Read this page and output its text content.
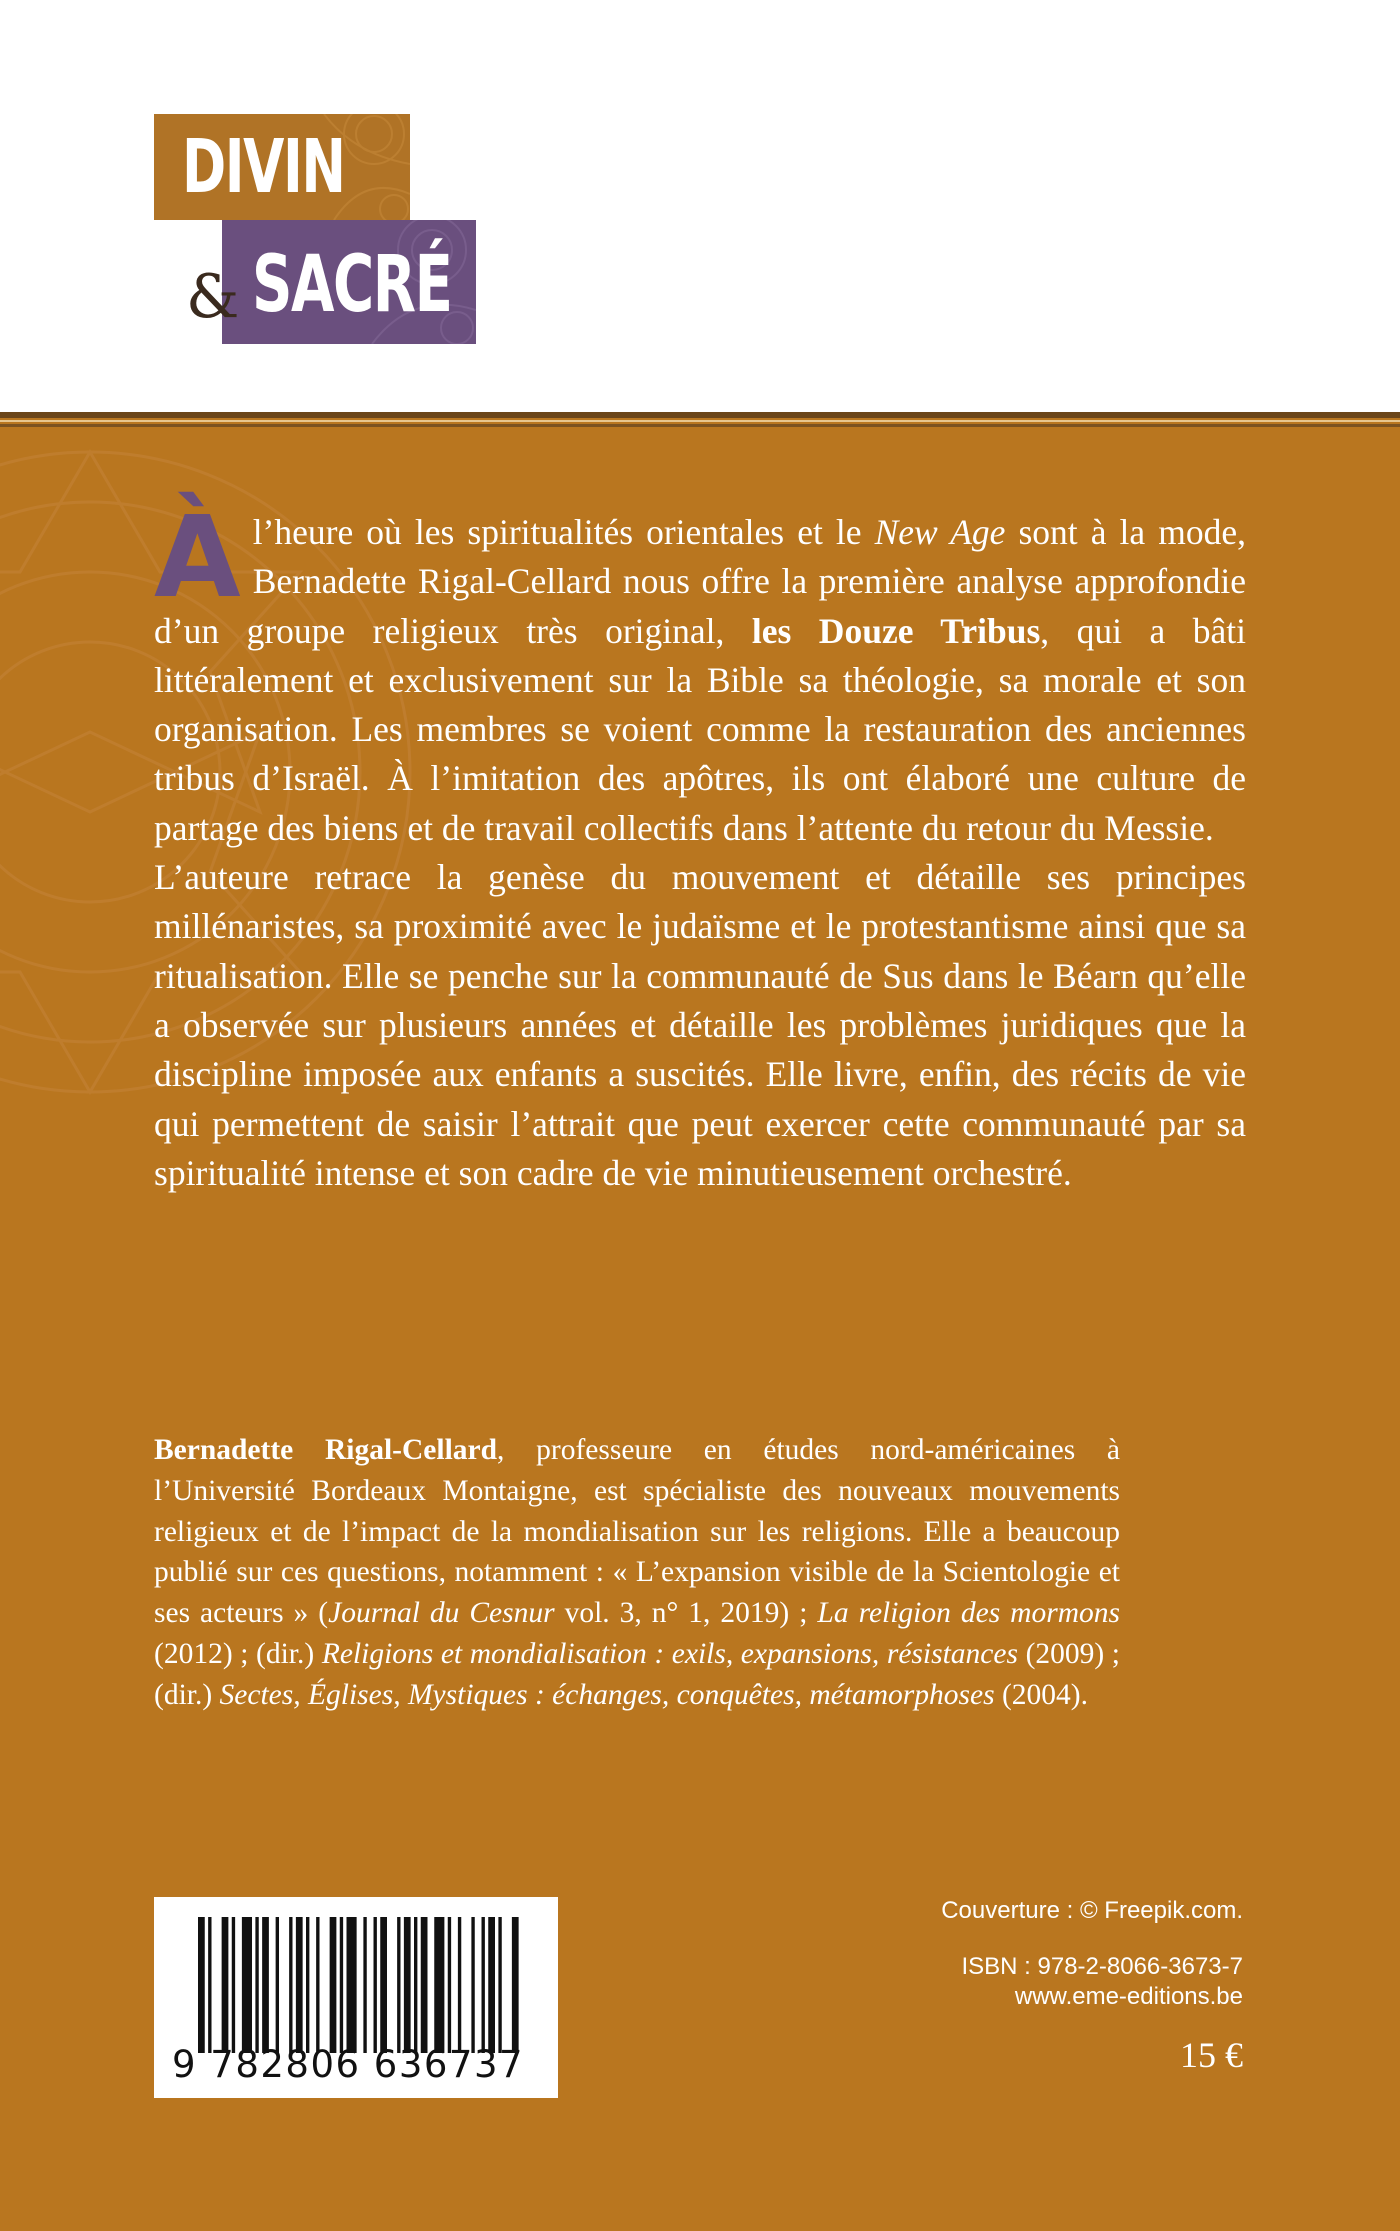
DIVIN
SACRÉ
&

À l’heure où les spiritualités orientales et le New Age sont à la mode, Bernadette Rigal-Cellard nous offre la première analyse approfondie d’un groupe religieux très original, les Douze Tribus, qui a bâti littéralement et exclusivement sur la Bible sa théologie, sa morale et son organisation. Les membres se voient comme la restauration des anciennes tribus d’Israël. À l’imitation des apôtres, ils ont élaboré une culture de partage des biens et de travail collectifs dans l’attente du retour du Messie.

L’auteure retrace la genèse du mouvement et détaille ses principes millénaristes, sa proximité avec le judaïsme et le protestantisme ainsi que sa ritualisation. Elle se penche sur la communauté de Sus dans le Béarn qu’elle a observée sur plusieurs années et détaille les problèmes juridiques que la discipline imposée aux enfants a suscités. Elle livre, enfin, des récits de vie qui permettent de saisir l’attrait que peut exercer cette communauté par sa spiritualité intense et son cadre de vie minutieusement orchestré.

Bernadette Rigal-Cellard, professeure en études nord-américaines à l’Université Bordeaux Montaigne, est spécialiste des nouveaux mouvements religieux et de l’impact de la mondialisation sur les religions. Elle a beaucoup publié sur ces questions, notamment : « L’expansion visible de la Scientologie et ses acteurs » (Journal du Cesnur vol. 3, n° 1, 2019) ; La religion des mormons (2012) ; (dir.) Religions et mondialisation : exils, expansions, résistances (2009) ; (dir.) Sectes, Églises, Mystiques : échanges, conquêtes, métamorphoses (2004).
9 782806 636737
Couverture : © Freepik.com.
ISBN : 978-2-8066-3673-7
www.eme-editions.be
15 €
